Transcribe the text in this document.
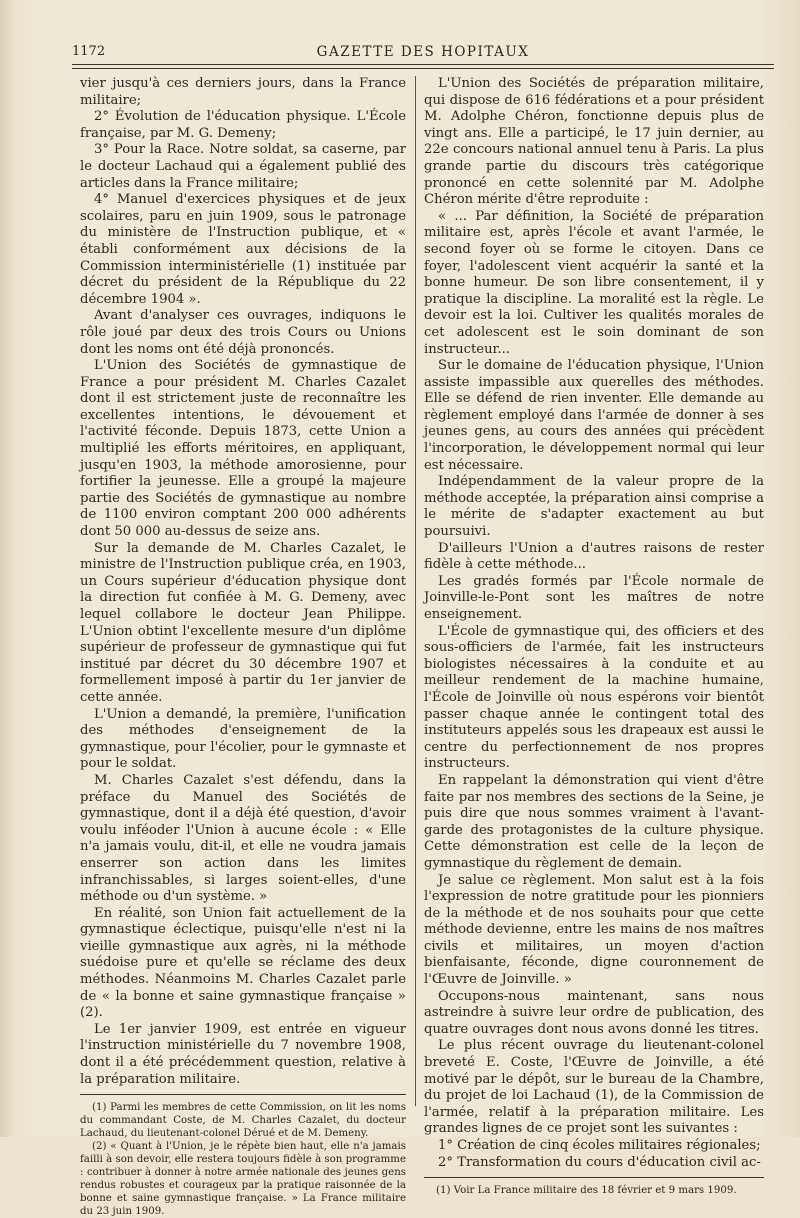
1172	GAZETTE DES HOPITAUX

vier jusqu'à ces derniers jours, dans la France militaire;

2° Évolution de l'éducation physique. L'École française, par M. G. Demeny;

3° Pour la Race. Notre soldat, sa caserne, par le docteur Lachaud qui a également publié des articles dans la France militaire;

4° Manuel d'exercices physiques et de jeux scolaires, paru en juin 1909, sous le patronage du ministère de l'Instruction publique, et « établi conformément aux décisions de la Commission interministérielle (1) instituée par décret du président de la République du 22 décembre 1904 ».

Avant d'analyser ces ouvrages, indiquons le rôle joué par deux des trois Cours ou Unions dont les noms ont été déjà prononcés.

L'Union des Sociétés de gymnastique de France a pour président M. Charles Cazalet dont il est strictement juste de reconnaître les excellentes intentions, le dévouement et l'activité féconde. Depuis 1873, cette Union a multiplié les efforts méritoires, en appliquant, jusqu'en 1903, la méthode amorosienne, pour fortifier la jeunesse. Elle a groupé la majeure partie des Sociétés de gymnastique au nombre de 1100 environ comptant 200 000 adhérents dont 50 000 au-dessus de seize ans.

Sur la demande de M. Charles Cazalet, le ministre de l'Instruction publique créa, en 1903, un Cours supérieur d'éducation physique dont la direction fut confiée à M. G. Demeny, avec lequel collabore le docteur Jean Philippe. L'Union obtint l'excellente mesure d'un diplôme supérieur de professeur de gymnastique qui fut institué par décret du 30 décembre 1907 et formellement imposé à partir du 1er janvier de cette année.

L'Union a demandé, la première, l'unification des méthodes d'enseignement de la gymnastique, pour l'écolier, pour le gymnaste et pour le soldat.

M. Charles Cazalet s'est défendu, dans la préface du Manuel des Sociétés de gymnastique, dont il a déjà été question, d'avoir voulu inféoder l'Union à aucune école : « Elle n'a jamais voulu, dit-il, et elle ne voudra jamais enserrer son action dans les limites infranchissables, si larges soient-elles, d'une méthode ou d'un système. »

En réalité, son Union fait actuellement de la gymnastique éclectique, puisqu'elle n'est ni la vieille gymnastique aux agrès, ni la méthode suédoise pure et qu'elle se réclame des deux méthodes. Néanmoins M. Charles Cazalet parle de « la bonne et saine gymnastique française » (2).

Le 1er janvier 1909, est entrée en vigueur l'instruction ministérielle du 7 novembre 1908, dont il a été précédemment question, relative à la préparation militaire.

(1) Parmi les membres de cette Commission, on lit les noms du commandant Coste, de M. Charles Cazalet, du docteur Lachaud, du lieutenant-colonel Dérué et de M. Demeny.

(2) « Quant à l'Union, je le répète bien haut, elle n'a jamais failli à son devoir, elle restera toujours fidèle à son programme : contribuer à donner à notre armée nationale des jeunes gens rendus robustes et courageux par la pratique raisonnée de la bonne et saine gymnastique française. » La France militaire du 23 juin 1909.

L'Union des Sociétés de préparation militaire, qui dispose de 616 fédérations et a pour président M. Adolphe Chéron, fonctionne depuis plus de vingt ans. Elle a participé, le 17 juin dernier, au 22e concours national annuel tenu à Paris. La plus grande partie du discours très catégorique prononcé en cette solennité par M. Adolphe Chéron mérite d'être reproduite :

« ... Par définition, la Société de préparation militaire est, après l'école et avant l'armée, le second foyer où se forme le citoyen. Dans ce foyer, l'adolescent vient acquérir la santé et la bonne humeur. De son libre consentement, il y pratique la discipline. La moralité est la règle. Le devoir est la loi. Cultiver les qualités morales de cet adolescent est le soin dominant de son instructeur...

Sur le domaine de l'éducation physique, l'Union assiste impassible aux querelles des méthodes. Elle se défend de rien inventer. Elle demande au règlement employé dans l'armée de donner à ses jeunes gens, au cours des années qui précèdent l'incorporation, le développement normal qui leur est nécessaire.

Indépendamment de la valeur propre de la méthode acceptée, la préparation ainsi comprise a le mérite de s'adapter exactement au but poursuivi.

D'ailleurs l'Union a d'autres raisons de rester fidèle à cette méthode...

Les gradés formés par l'École normale de Joinville-le-Pont sont les maîtres de notre enseignement.

L'École de gymnastique qui, des officiers et des sous-officiers de l'armée, fait les instructeurs biologistes nécessaires à la conduite et au meilleur rendement de la machine humaine, l'École de Joinville où nous espérons voir bientôt passer chaque année le contingent total des instituteurs appelés sous les drapeaux est aussi le centre du perfectionnement de nos propres instructeurs.

En rappelant la démonstration qui vient d'être faite par nos membres des sections de la Seine, je puis dire que nous sommes vraiment à l'avant-garde des protagonistes de la culture physique. Cette démonstration est celle de la leçon de gymnastique du règlement de demain.

Je salue ce règlement. Mon salut est à la fois l'expression de notre gratitude pour les pionniers de la méthode et de nos souhaits pour que cette méthode devienne, entre les mains de nos maîtres civils et militaires, un moyen d'action bienfaisante, féconde, digne couronnement de l'Œuvre de Joinville. »

Occupons-nous maintenant, sans nous astreindre à suivre leur ordre de publication, des quatre ouvrages dont nous avons donné les titres.

Le plus récent ouvrage du lieutenant-colonel breveté E. Coste, l'Œuvre de Joinville, a été motivé par le dépôt, sur le bureau de la Chambre, du projet de loi Lachaud (1), de la Commission de l'armée, relatif à la préparation militaire. Les grandes lignes de ce projet sont les suivantes :

1° Création de cinq écoles militaires régionales;

2° Transformation du cours d'éducation civil ac-

(1) Voir La France militaire des 18 février et 9 mars 1909.
